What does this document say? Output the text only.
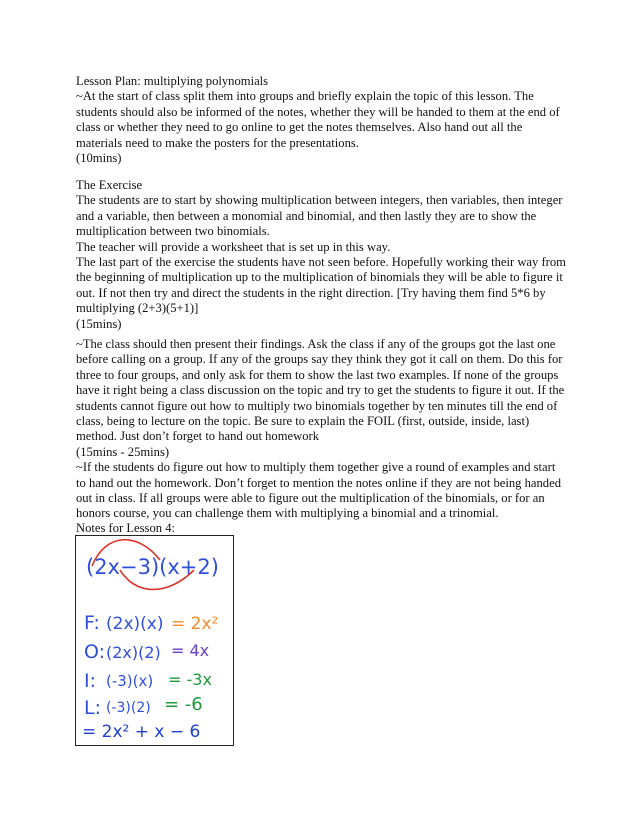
Lesson Plan: multiplying polynomials

~At the start of class split them into groups and briefly explain the topic of this lesson. The students should also be informed of the notes, whether they will be handed to them at the end of class or whether they need to go online to get the notes themselves. Also hand out all the materials need to make the posters for the presentations.

(10mins)

The Exercise

The students are to start by showing multiplication between integers, then variables, then integer and a variable, then between a monomial and binomial, and then lastly they are to show the multiplication between two binomials.

The teacher will provide a worksheet that is set up in this way.

The last part of the exercise the students have not seen before. Hopefully working their way from the beginning of multiplication up to the multiplication of binomials they will be able to figure it out. If not then try and direct the students in the right direction. [Try having them find 5*6 by multiplying (2+3)(5+1)]

(15mins)

~The class should then present their findings. Ask the class if any of the groups got the last one before calling on a group. If any of the groups say they think they got it call on them. Do this for three to four groups, and only ask for them to show the last two examples. If none of the groups have it right being a class discussion on the topic and try to get the students to figure it out. If the students cannot figure out how to multiply two binomials together by ten minutes till the end of class, being to lecture on the topic. Be sure to explain the FOIL (first, outside, inside, last) method. Just don’t forget to hand out homework

(15mins - 25mins)

~If the students do figure out how to multiply them together give a round of examples and start to hand out the homework. Don’t forget to mention the notes online if they are not being handed out in class. If all groups were able to figure out the multiplication of the binomials, or for an honors course, you can challenge them with multiplying a binomial and a trinomial.

Notes for Lesson 4:

(2x−3)(x+2)
F: (2x)(x) = 2x²
O: (2x)(2) = 4x
I: (-3)(x) = -3x
L: (-3)(2) = -6
= 2x² + x − 6
